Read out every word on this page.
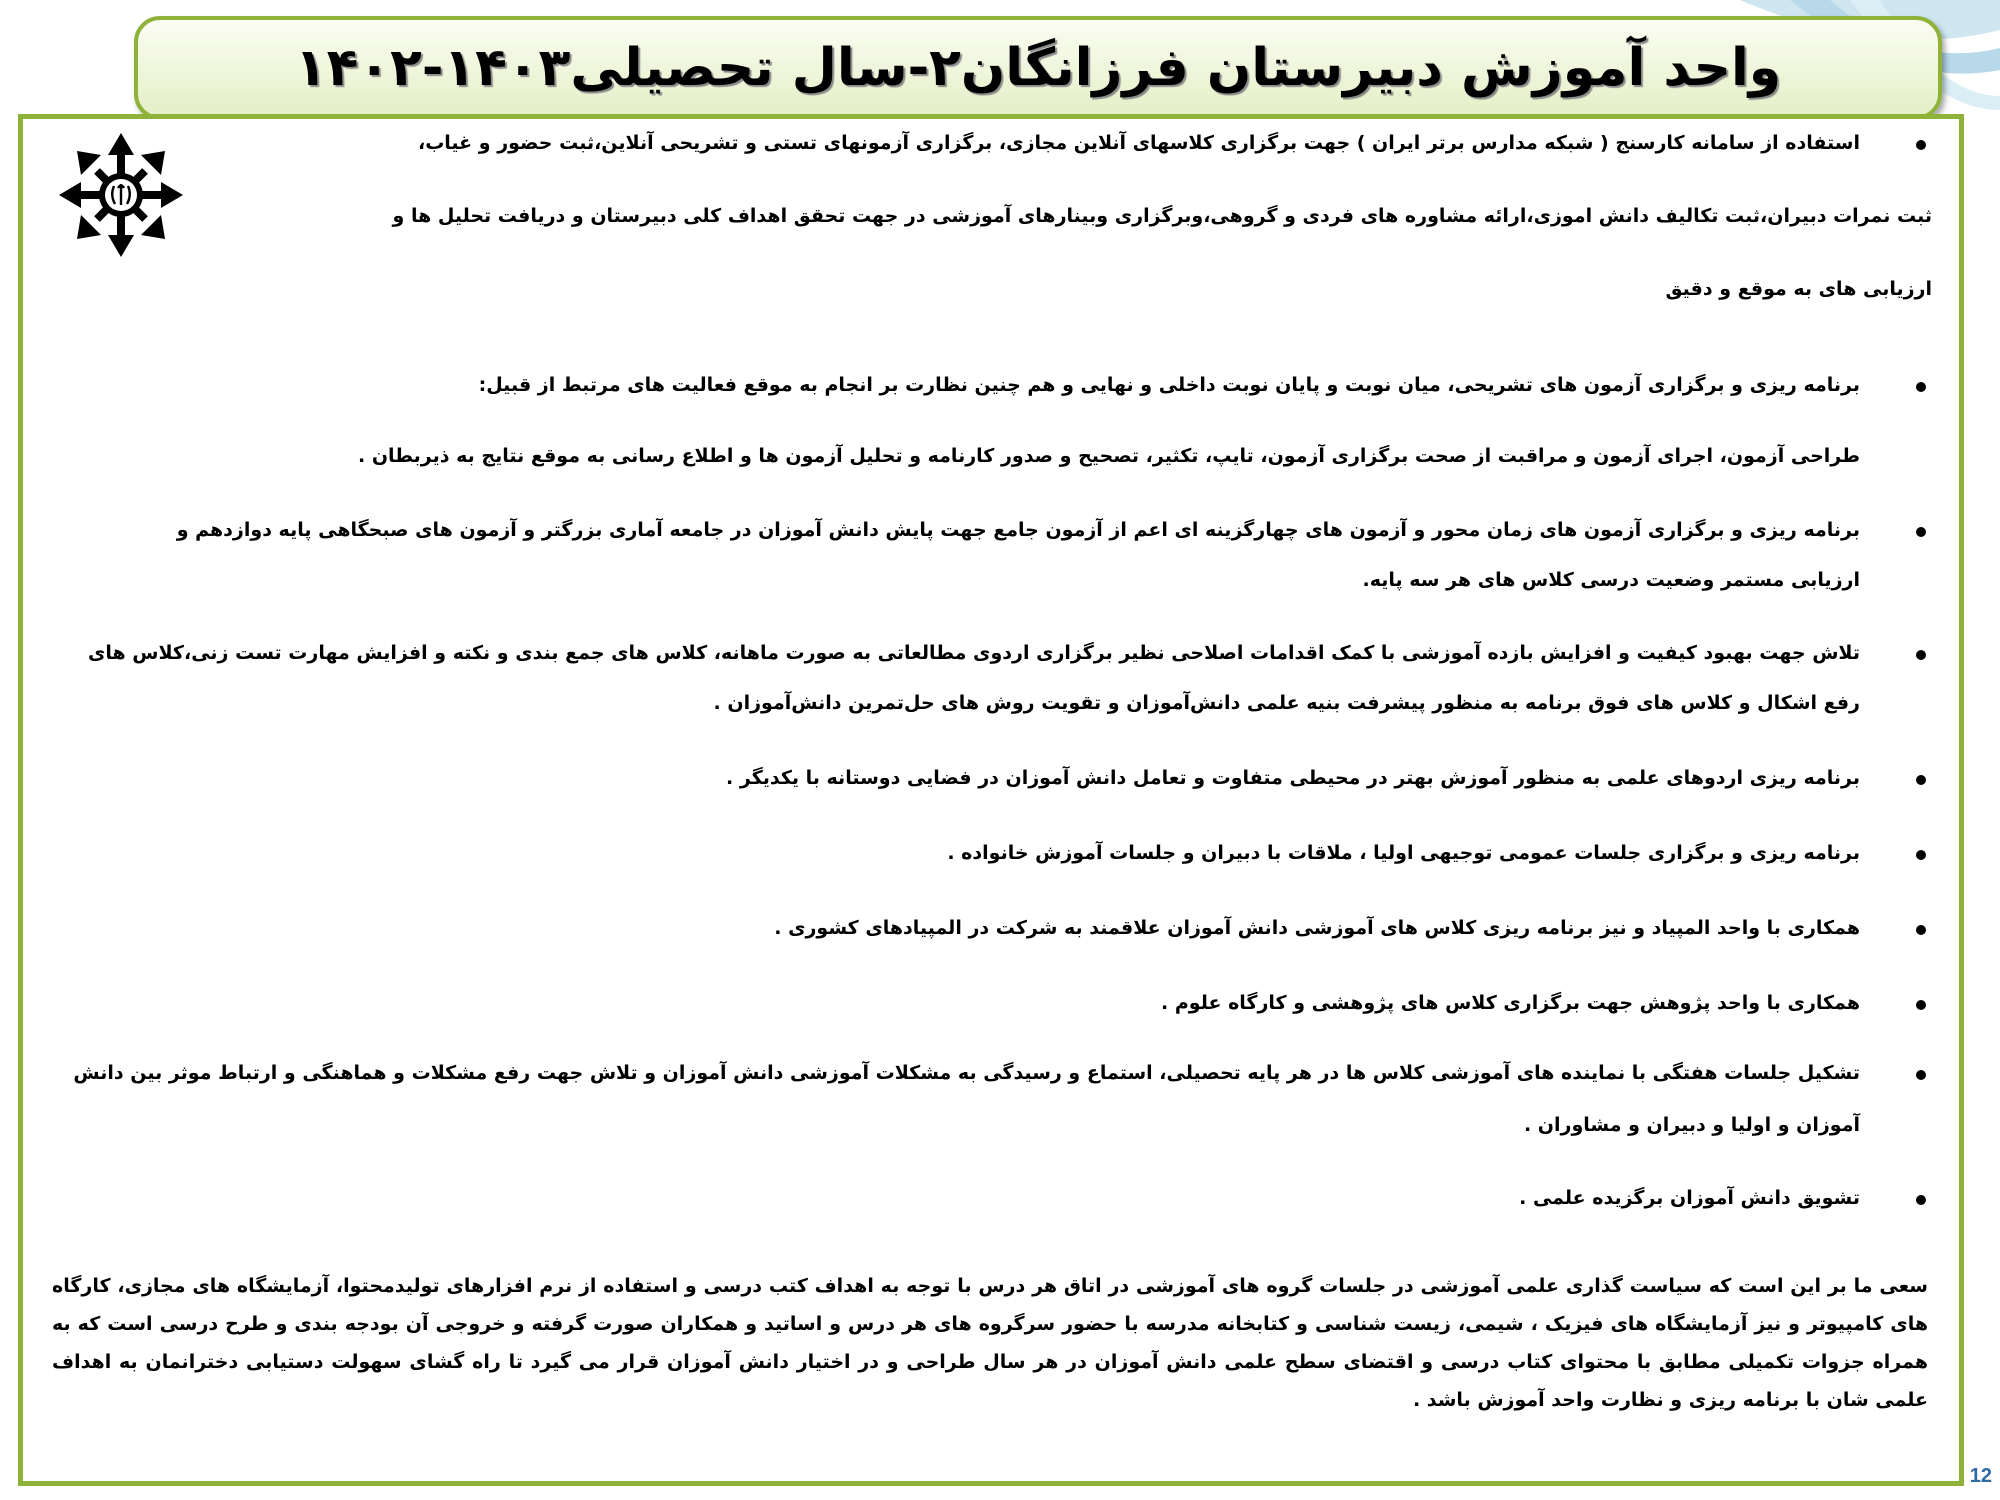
واحد آموزش دبیرستان فرزانگان۲-سال تحصیلی۱۴۰۳-۱۴۰۲
استفاده از سامانه کارسنج ( شبکه مدارس برتر ایران ) جهت برگزاری کلاسهای آنلاین مجازی، برگزاری آزمونهای تستی و تشریحی آنلاین،ثبت حضور و غیاب،
ثبت نمرات دبیران،ثبت تکالیف دانش اموزی،ارائه مشاوره های فردی و گروهی،وبرگزاری وبینارهای آموزشی در جهت تحقق اهداف کلی دبیرستان و دریافت تحلیل ها و
ارزیابی های به موقع و دقیق
برنامه ریزی و برگزاری آزمون های تشریحی، میان نوبت و پایان نوبت داخلی و نهایی و هم چنین نظارت بر انجام به موقع فعالیت های مرتبط از قبیل:
طراحی آزمون، اجرای آزمون و مراقبت از صحت برگزاری آزمون، تایپ، تکثیر، تصحیح و صدور کارنامه و تحلیل آزمون ها و اطلاع رسانی به موقع نتایج به ذیربطان .
برنامه ریزی و برگزاری آزمون های زمان محور و آزمون های چهارگزینه ای اعم از آزمون جامع جهت پایش دانش آموزان در جامعه آماری بزرگتر و آزمون های صبحگاهی پایه دوازدهم و
ارزیابی مستمر وضعیت درسی کلاس های هر سه پایه.
تلاش جهت بهبود کیفیت و افزایش بازده آموزشی با کمک اقدامات اصلاحی نظیر برگزاری اردوی مطالعاتی به صورت ماهانه، کلاس های جمع بندی و نکته و افزایش مهارت تست زنی،کلاس های
رفع اشکال و کلاس های فوق برنامه به منظور پیشرفت بنیه علمی دانش‌آموزان و تقویت روش های حل‌تمرین دانش‌آموزان .
برنامه ریزی اردوهای علمی به منظور آموزش بهتر در محیطی متفاوت و تعامل دانش آموزان در فضایی دوستانه با یکدیگر .
برنامه ریزی و برگزاری جلسات عمومی توجیهی اولیا ، ملاقات با دبیران و جلسات آموزش خانواده .
همکاری با واحد المپیاد و نیز برنامه ریزی کلاس های آموزشی دانش آموزان علاقمند به شرکت در المپیادهای کشوری .
همکاری با واحد پژوهش جهت برگزاری کلاس های پژوهشی و کارگاه علوم .
تشکیل جلسات هفتگی با نماینده های آموزشی کلاس ها در هر پایه تحصیلی، استماع و رسیدگی به مشکلات آموزشی دانش آموزان و تلاش جهت رفع مشکلات و هماهنگی و ارتباط موثر بین دانش
آموزان و اولیا و دبیران و مشاوران .
تشویق دانش آموزان برگزیده علمی .

سعی ما بر این است که سیاست گذاری علمی آموزشی در جلسات گروه های آموزشی در اتاق هر درس با توجه به اهداف کتب درسی و استفاده از نرم افزارهای تولیدمحتوا، آزمایشگاه های مجازی، کارگاه های کامپیوتر و نیز آزمایشگاه های فیزیک ، شیمی، زیست شناسی و کتابخانه مدرسه با حضور سرگروه های هر درس و اساتید و همکاران صورت گرفته و خروجی آن بودجه بندی و طرح درسی است که به همراه جزوات تکمیلی مطابق با محتوای کتاب درسی و اقتضای سطح علمی دانش آموزان در هر سال طراحی و در اختیار دانش آموزان قرار می گیرد تا راه گشای سهولت دستیابی دخترانمان به اهداف علمی شان با برنامه ریزی و نظارت واحد آموزش باشد .

12
